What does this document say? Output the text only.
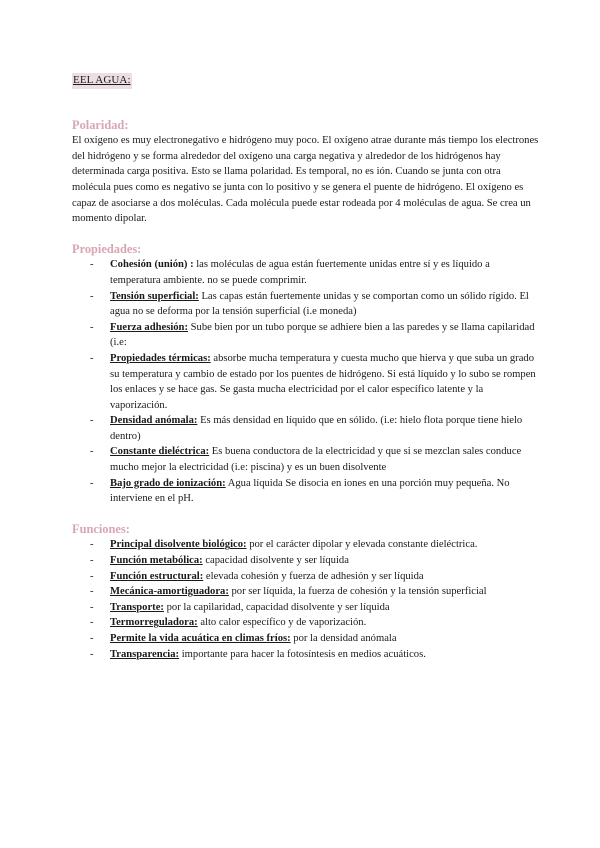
EEL AGUA:
Polaridad:

El oxígeno es muy electronegativo e hidrógeno muy poco. El oxígeno atrae durante más tiempo los electrones del hidrógeno y se forma alrededor del oxígeno una carga negativa y alrededor de los hidrógenos hay determinada carga positiva. Esto se llama polaridad. Es temporal, no es ión. Cuando se junta con otra molécula pues como es negativo se junta con lo positivo y se genera el puente de hidrógeno. El oxígeno es capaz de asociarse a dos moléculas. Cada molécula puede estar rodeada por 4 moléculas de agua. Se crea un momento dipolar.

Propiedades:
- Cohesión (unión) : las moléculas de agua están fuertemente unidas entre sí y es líquido a temperatura ambiente. no se puede comprimir.
- Tensión superficial: Las capas están fuertemente unidas y se comportan como un sólido rígido. El agua no se deforma por la tensión superficial (i.e moneda)
- Fuerza adhesión: Sube bien por un tubo porque se adhiere bien a las paredes y se llama capilaridad (i.e:
- Propiedades térmicas: absorbe mucha temperatura y cuesta mucho que hierva y que suba un grado su temperatura y cambio de estado por los puentes de hidrógeno. Si está líquido y lo subo se rompen los enlaces y se hace gas. Se gasta mucha electricidad por el calor específico latente y la vaporización.
- Densidad anómala: Es más densidad en líquido que en sólido. (i.e: hielo flota porque tiene hielo dentro)
- Constante dieléctrica: Es buena conductora de la electricidad y que si se mezclan sales conduce mucho mejor la electricidad (i.e: piscina) y es un buen disolvente
- Bajo grado de ionización: Agua líquida Se disocia en iones en una porción muy pequeña. No interviene en el pH.
Funciones:
- Principal disolvente biológico: por el carácter dipolar y elevada constante dieléctrica.
- Función metabólica: capacidad disolvente y ser líquida
- Función estructural: elevada cohesión y fuerza de adhesión y ser líquida
- Mecánica-amortiguadora: por ser líquida, la fuerza de cohesión y la tensión superficial
- Transporte: por la capilaridad, capacidad disolvente y ser líquida
- Termorreguladora: alto calor específico y de vaporización.
- Permite la vida acuática en climas fríos: por la densidad anómala
- Transparencia: importante para hacer la fotosíntesis en medios acuáticos.
